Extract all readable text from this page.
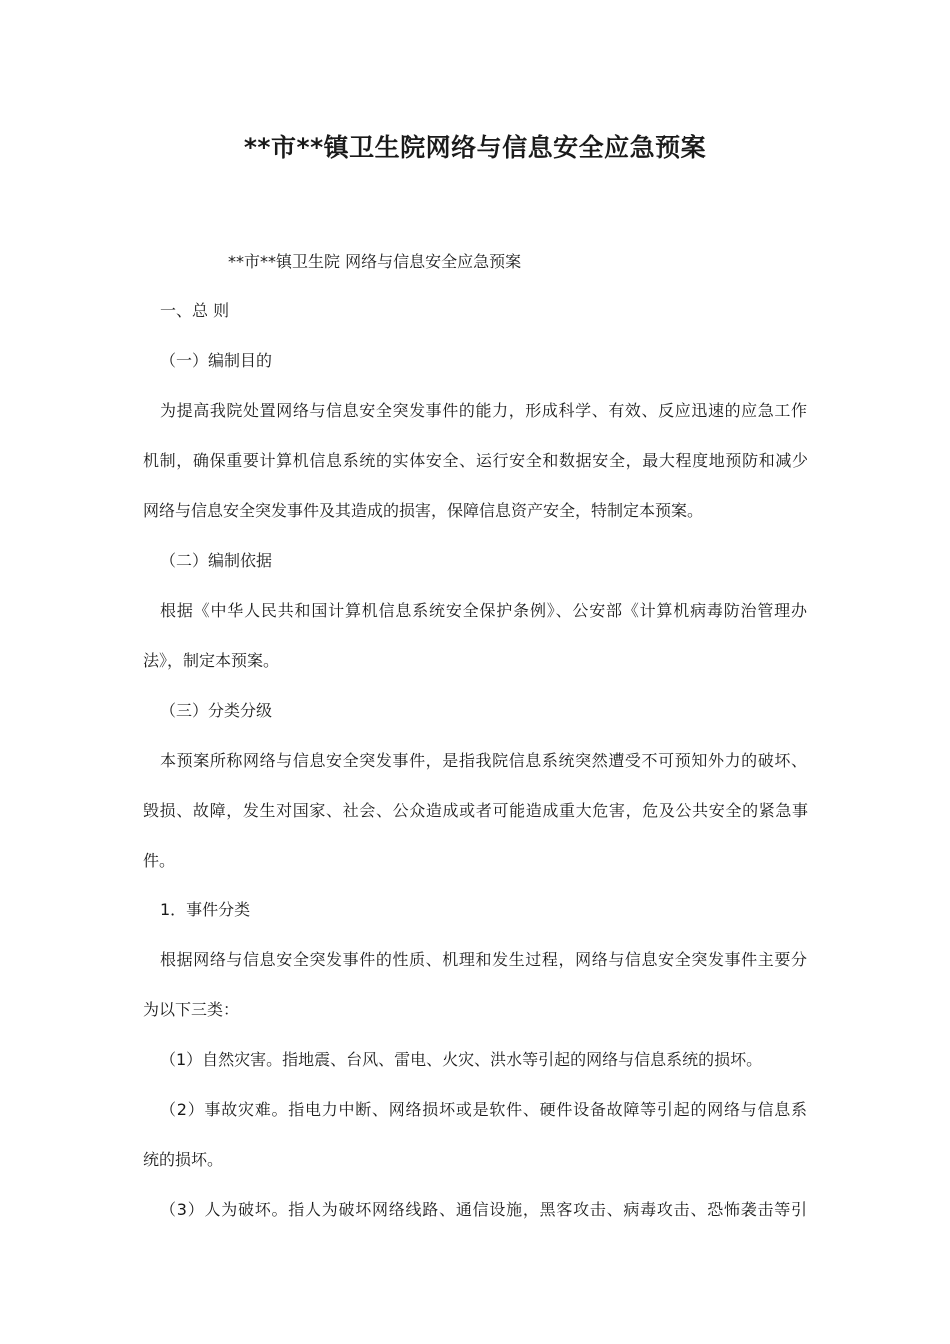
**市**镇卫生院网络与信息安全应急预案
**市**镇卫生院 网络与信息安全应急预案
一、总 则
（一）编制目的
为提高我院处置网络与信息安全突发事件的能力，形成科学、有效、反应迅速的应急工作
机制，确保重要计算机信息系统的实体安全、运行安全和数据安全，最大程度地预防和减少
网络与信息安全突发事件及其造成的损害，保障信息资产安全，特制定本预案。
（二）编制依据
根据《中华人民共和国计算机信息系统安全保护条例》、公安部《计算机病毒防治管理办
法》，制定本预案。
（三）分类分级
本预案所称网络与信息安全突发事件，是指我院信息系统突然遭受不可预知外力的破坏、
毁损、故障，发生对国家、社会、公众造成或者可能造成重大危害，危及公共安全的紧急事
件。
1．事件分类
根据网络与信息安全突发事件的性质、机理和发生过程，网络与信息安全突发事件主要分
为以下三类：
（1）自然灾害。指地震、台风、雷电、火灾、洪水等引起的网络与信息系统的损坏。
（2）事故灾难。指电力中断、网络损坏或是软件、硬件设备故障等引起的网络与信息系
统的损坏。
（3）人为破坏。指人为破坏网络线路、通信设施，黑客攻击、病毒攻击、恐怖袭击等引
